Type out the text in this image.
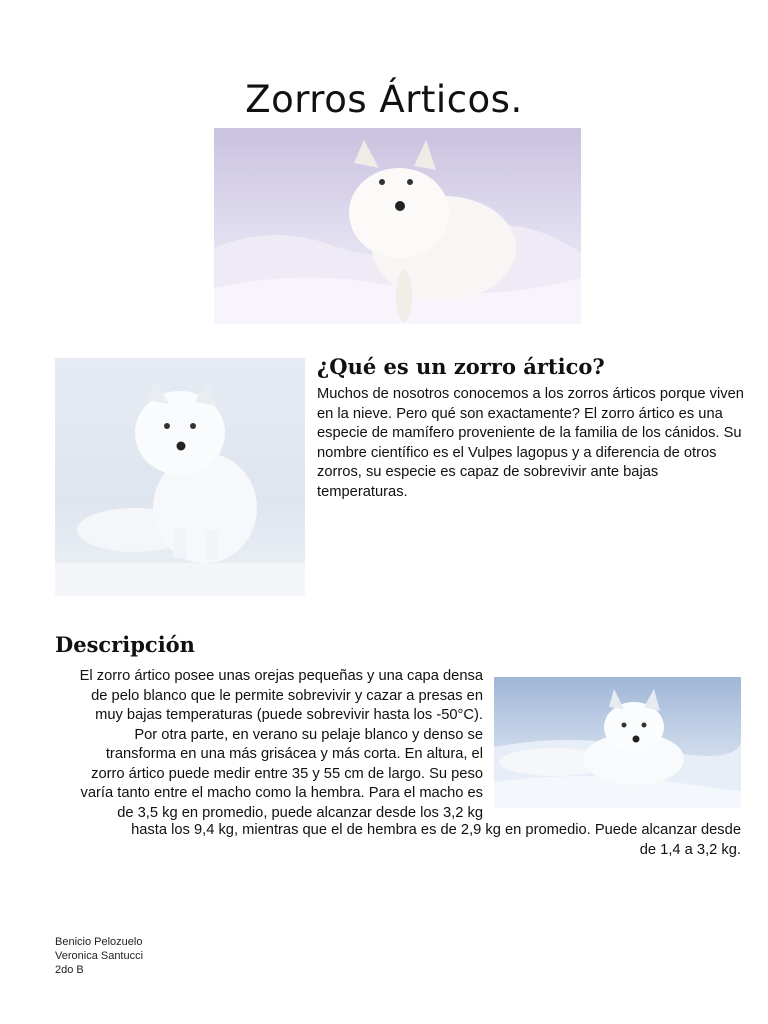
Zorros Árticos.
¿Qué es un zorro ártico?

Muchos de nosotros conocemos a los zorros árticos porque viven en la nieve. Pero qué son exactamente? El zorro ártico es una especie de mamífero proveniente de la familia de los cánidos. Su nombre científico es el Vulpes lagopus y a diferencia de otros zorros, su especie es capaz de sobrevivir ante bajas temperaturas.

Descripción

El zorro ártico posee unas orejas pequeñas y una capa densa

de pelo blanco que le permite sobrevivir y cazar a presas en

muy bajas temperaturas (puede sobrevivir hasta los -50°C).

Por otra parte, en verano su pelaje blanco y denso se

transforma en una más grisácea y más corta. En altura, el

zorro ártico puede medir entre 35 y 55 cm de largo. Su peso

varía tanto entre el macho como la hembra. Para el macho es

de 3,5 kg en promedio, puede alcanzar desde los 3,2 kg

hasta los 9,4 kg, mientras que el de hembra es de 2,9 kg en promedio. Puede alcanzar desde

de 1,4 a 3,2 kg.

Benicio Pelozuelo

Veronica Santucci

2do B
